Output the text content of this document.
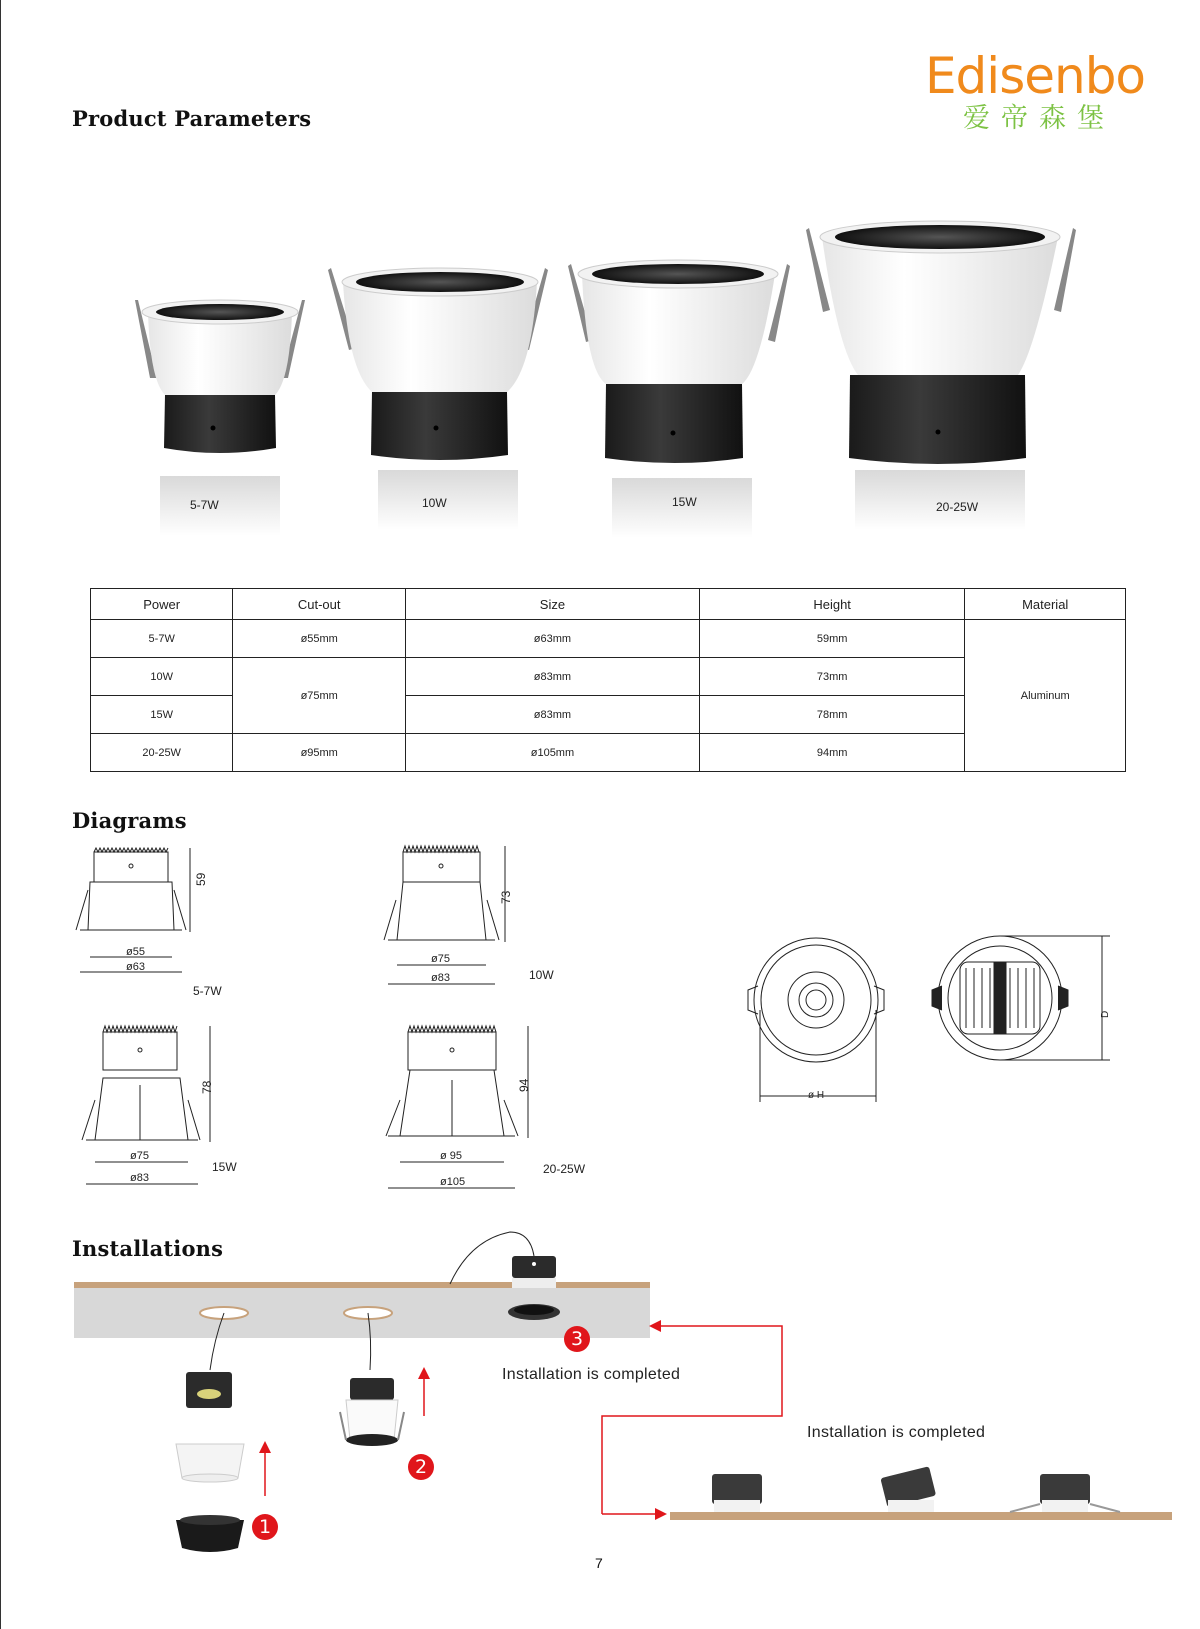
Product Parameters
Edisenbo
爱帝森堡
5-7W	10W	15W	20-25W
Power	Cut-out	Size	Height	Material
5-7W	ø55mm	ø63mm	59mm	Aluminum
10W	ø75mm	ø83mm	73mm	
15W		ø83mm	78mm	
20-25W	ø95mm	ø105mm	94mm	
Diagrams
59
ø55
ø63
5-7W
73
ø75
ø83	10W
78
ø75
ø83
15W
94
ø 95
ø105
20-25W
ø H
D
Installations
1
2
3
Installation is completed
Installation is completed
7
